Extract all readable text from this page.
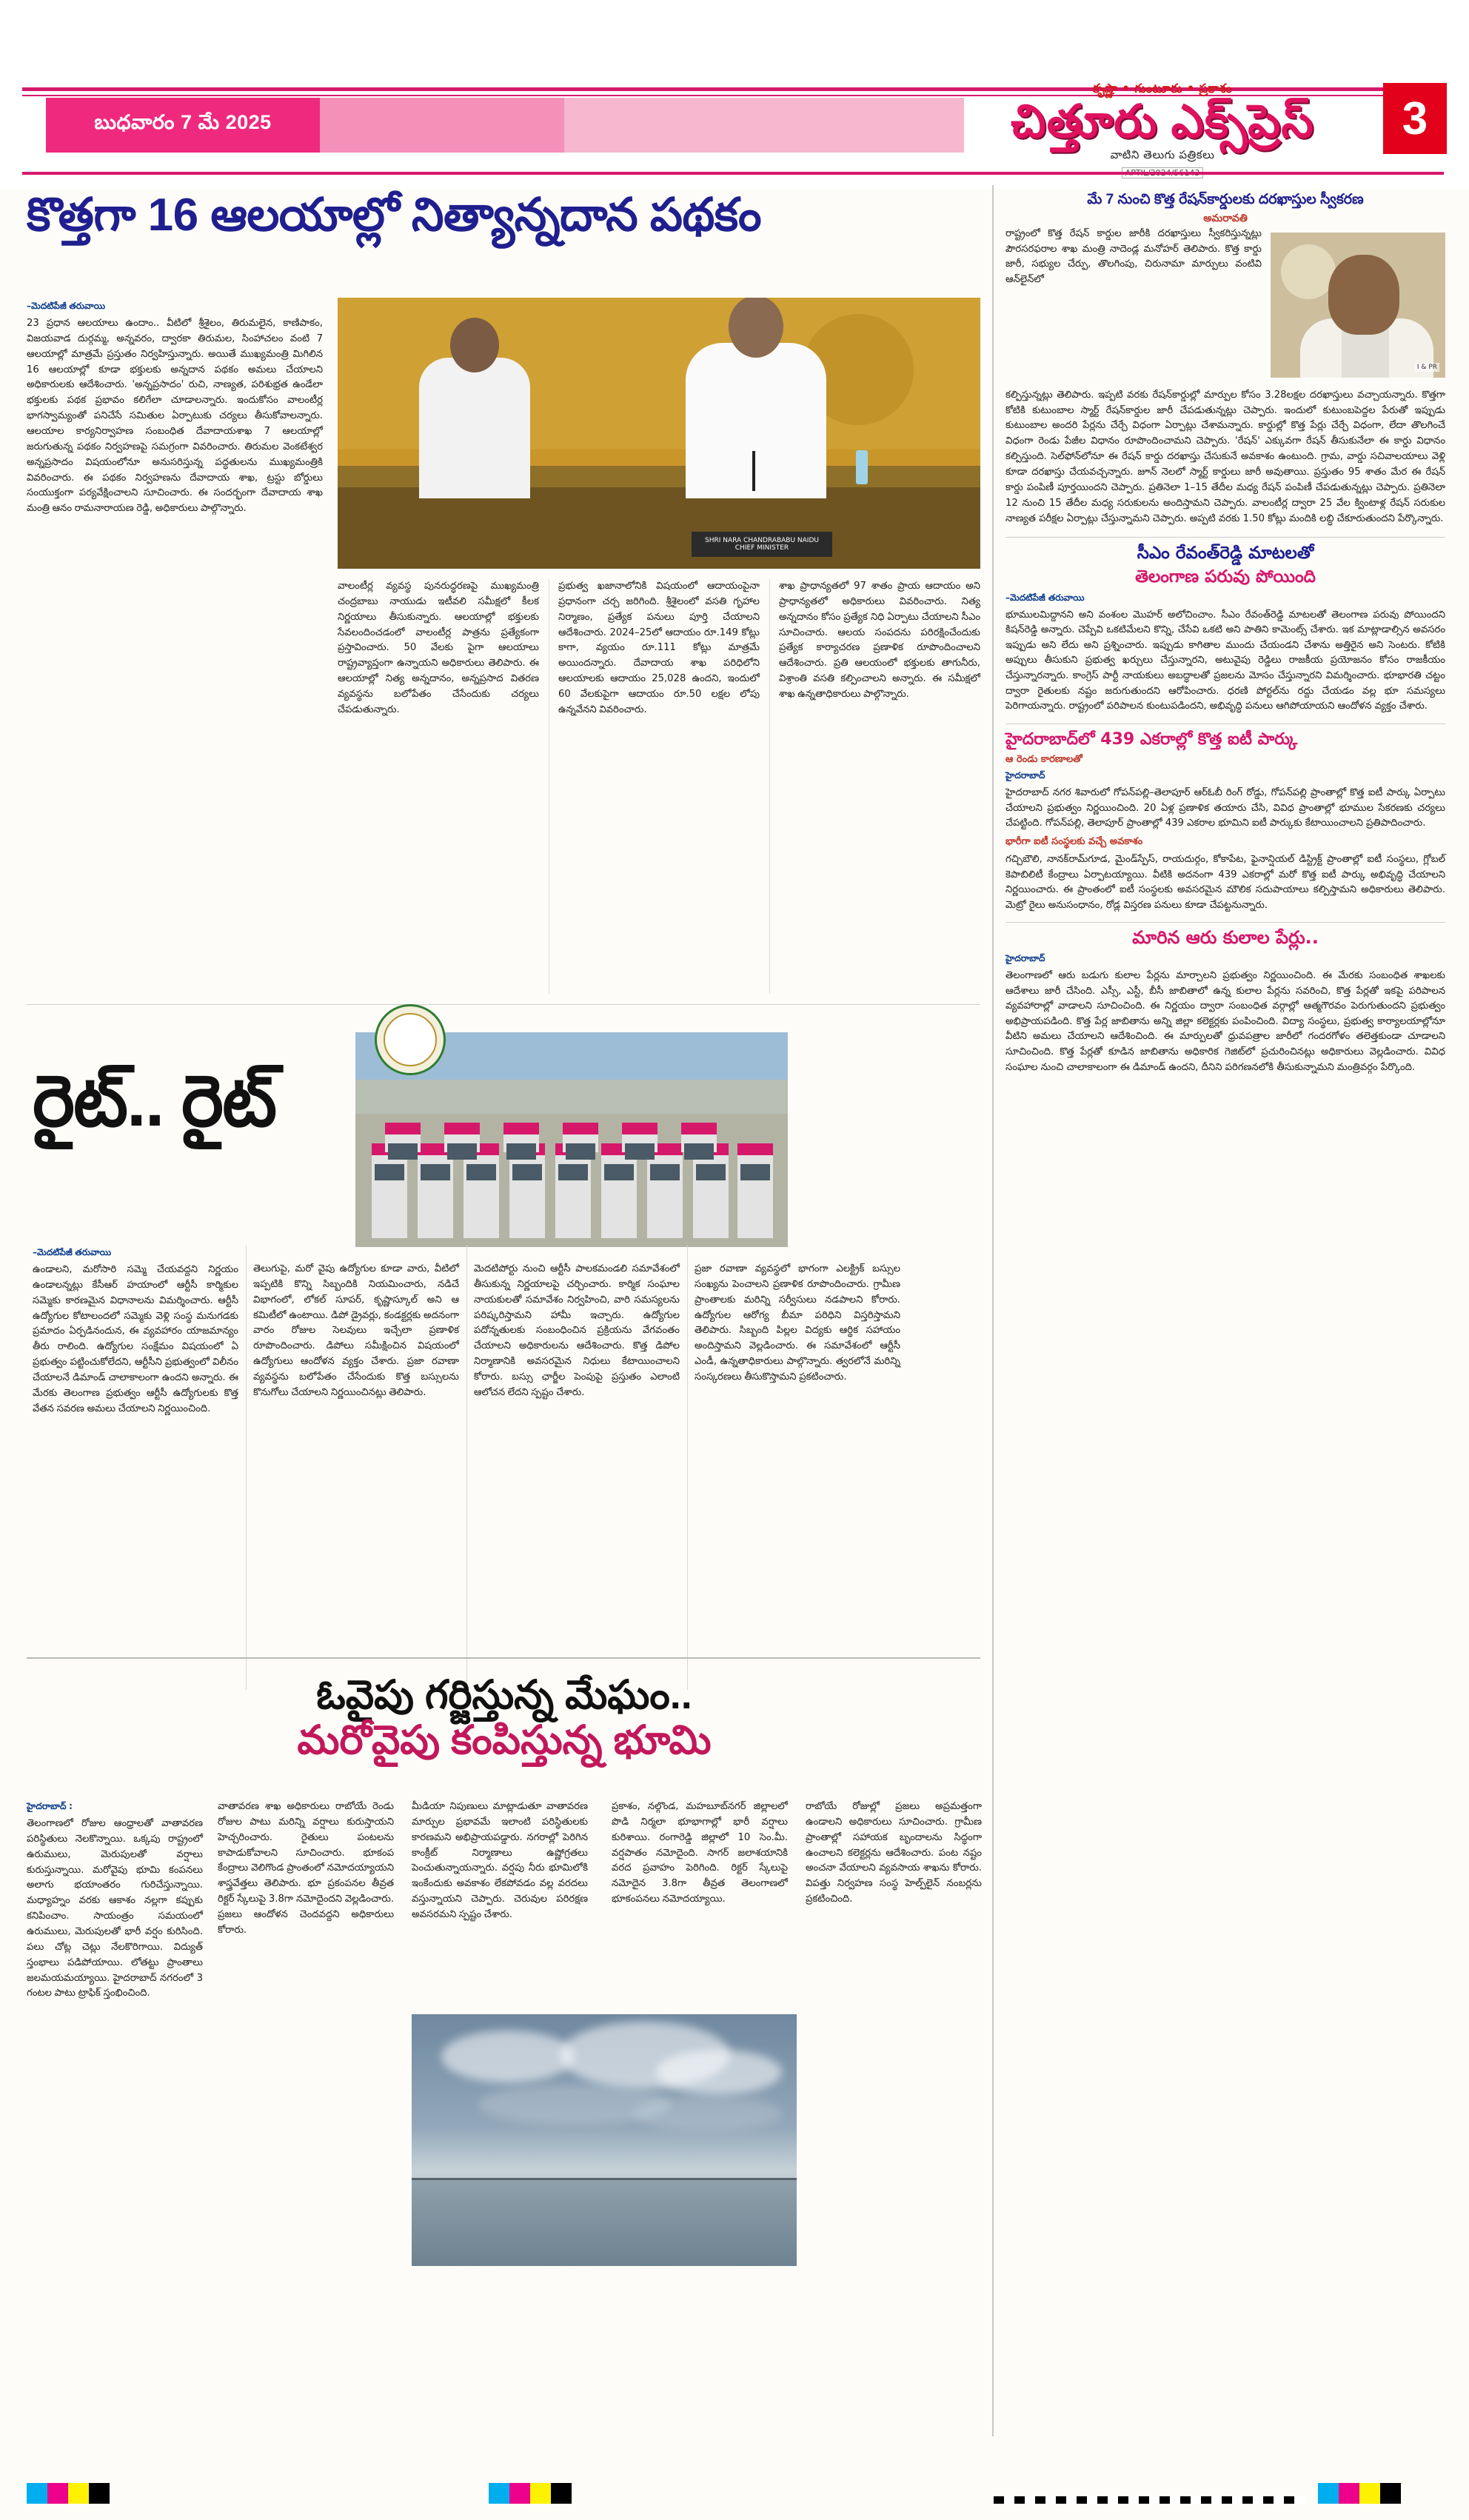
బుధవారం 7 మే 2025
కృష్ణా • గుంటూరు • ప్రకాశం
చిత్తూరు ఎక్స్‌ప్రెస్
వాటిని తెలుగు పత్రికలు
3
కొత్తగా 16 ఆలయాల్లో నిత్యాన్నదాన పథకం
–మెదటిపేజీ తరువాయి
23 ప్రధాన ఆలయాలు ఉందాం.. వీటిలో శ్రీశైలం, తిరుమలైన, కాణిపాకం, విజయవాడ దుర్గమ్మ, అన్నవరం, ద్వారకా తిరుమల, సింహాచలం వంటి 7 ఆలయాల్లో మాత్రమే ప్రస్తుతం నిర్వహిస్తున్నారు. అయితే ముఖ్యమంత్రి మిగిలిన 16 ఆలయాల్లో కూడా భక్తులకు అన్నదాన పథకం అమలు చేయాలని అధికారులకు ఆదేశించారు. 'అన్నప్రసాదం' రుచి, నాణ్యత, పరిశుభ్రత ఉండేలా భక్తులకు పథక ప్రభావం కలిగేలా చూడాలన్నారు. ఇందుకోసం వాలంటీర్ల భాగస్వామ్యంతో పనిచేసే సమితుల ఏర్పాటుకు చర్యలు తీసుకోవాలన్నారు. ఆలయాల కార్యనిర్వాహణ సంబంధిత దేవాదాయశాఖ 7 ఆలయాల్లో జరుగుతున్న పథకం నిర్వహణపై సమగ్రంగా వివరించారు. తిరుమల వెంకటేశ్వర అన్నప్రసాదం విషయంలోనూ అనుసరిస్తున్న పద్ధతులను ముఖ్యమంత్రికి వివరించారు. ఈ పథకం నిర్వహణను దేవాదాయ శాఖ, ట్రస్టు బోర్డులు సంయుక్తంగా పర్యవేక్షించాలని సూచించారు. ఈ సందర్భంగా దేవాదాయ శాఖ మంత్రి ఆనం రామనారాయణ రెడ్డి, అధికారులు పాల్గొన్నారు.
SHRI NARA CHANDRABABU NAIDU
CHIEF MINISTER
వాలంటీర్ల వ్యవస్థ పునరుద్ధరణపై ముఖ్యమంత్రి చంద్రబాబు నాయుడు ఇటీవలి సమీక్షలో కీలక నిర్ణయాలు తీసుకున్నారు. ఆలయాల్లో భక్తులకు సేవలందించడంలో వాలంటీర్ల పాత్రను ప్రత్యేకంగా ప్రస్తావించారు. 50 వేలకు పైగా ఆలయాలు రాష్ట్రవ్యాప్తంగా ఉన్నాయని అధికారులు తెలిపారు. ఈ ఆలయాల్లో నిత్య అన్నదానం, అన్నప్రసాద వితరణ వ్యవస్థను బలోపేతం చేసేందుకు చర్యలు చేపడుతున్నారు.
ప్రభుత్వ ఖజానాలోనికి విషయంలో ఆదాయంపైనా ప్రధానంగా చర్చ జరిగింది. శ్రీశైలంలో వసతి గృహాల నిర్మాణం, ప్రత్యేక పనులు పూర్తి చేయాలని ఆదేశించారు. 2024–25లో ఆదాయం రూ.149 కోట్లు కాగా, వ్యయం రూ.111 కోట్లు మాత్రమే అయిందన్నారు. దేవాదాయ శాఖ పరిధిలోని ఆలయాలకు ఆదాయం 25,028 ఉందని, ఇందులో 60 వేలకుపైగా ఆదాయం రూ.50 లక్షల లోపు ఉన్నవేనని వివరించారు.
శాఖ ప్రాధాన్యతలో 97 శాతం ప్రాయ ఆదాయం అని ప్రాధాన్యతలో అధికారులు వివరించారు. నిత్య అన్నదానం కోసం ప్రత్యేక నిధి ఏర్పాటు చేయాలని సీఎం సూచించారు. ఆలయ సంపదను పరిరక్షించేందుకు ప్రత్యేక కార్యాచరణ ప్రణాళిక రూపొందించాలని ఆదేశించారు. ప్రతి ఆలయంలో భక్తులకు తాగునీరు, విశ్రాంతి వసతి కల్పించాలని అన్నారు. ఈ సమీక్షలో శాఖ ఉన్నతాధికారులు పాల్గొన్నారు.
రైట్.. రైట్
–మెదటిపేజీ తరువాయి
ఉండాలని, మరోసారి సమ్మె చేయవద్దని నిర్ణయం ఉండాలన్నట్లు కేసీఆర్ హయాంలో ఆర్టీసీ కార్మికుల సమ్మెకు కారణమైన విధానాలను విమర్శించారు. ఆర్టీసీ ఉద్యోగుల కోటాలందలో సమ్మెకు వెళ్లి సంస్థ మనుగడకు ప్రమాదం ఏర్పడినందున, ఈ వ్యవహారం యాజమాన్యం తీరు రాలింది. ఉద్యోగుల సంక్షేమం విషయంలో ఏ ప్రభుత్వం పట్టించుకోలేదని, ఆర్టీసీని ప్రభుత్వంలో విలీనం చేయాలనే డిమాండ్ చాలాకాలంగా ఉందని అన్నారు. ఈ మేరకు తెలంగాణ ప్రభుత్వం ఆర్టీసీ ఉద్యోగులకు కొత్త వేతన సవరణ అమలు చేయాలని నిర్ణయించింది.
తెలుగుపై, మరో వైపు ఉద్యోగుల కూడా వారు, వీటిలో ఇప్పటికి కొన్ని సిబ్బందికి నియమించారు, నడిచే విభాగంలో, లోకల్ సూపర్, కృష్ణాస్కూల్ అని ఆ కమిటీలో ఉంటాయి. డిపో డ్రైవర్లు, కండక్టర్లకు అదనంగా వారం రోజుల సెలవులు ఇచ్చేలా ప్రణాళిక రూపొందించారు. డిపోలు సమీక్షించిన విషయంలో ఉద్యోగులు ఆందోళన వ్యక్తం చేశారు. ప్రజా రవాణా వ్యవస్థను బలోపేతం చేసేందుకు కొత్త బస్సులను కొనుగోలు చేయాలని నిర్ణయించినట్లు తెలిపారు.
మెదటిపోర్టు నుంచి ఆర్టీసీ పాలకమండలి సమావేశంలో తీసుకున్న నిర్ణయాలపై చర్చించారు. కార్మిక సంఘాల నాయకులతో సమావేశం నిర్వహించి, వారి సమస్యలను పరిష్కరిస్తామని హామీ ఇచ్చారు. ఉద్యోగుల పదోన్నతులకు సంబంధించిన ప్రక్రియను వేగవంతం చేయాలని అధికారులను ఆదేశించారు. కొత్త డిపోల నిర్మాణానికి అవసరమైన నిధులు కేటాయించాలని కోరారు. బస్సు ఛార్జీల పెంపుపై ప్రస్తుతం ఎలాంటి ఆలోచన లేదని స్పష్టం చేశారు.
ప్రజా రవాణా వ్యవస్థలో భాగంగా ఎలక్ట్రిక్ బస్సుల సంఖ్యను పెంచాలని ప్రణాళిక రూపొందించారు. గ్రామీణ ప్రాంతాలకు మరిన్ని సర్వీసులు నడపాలని కోరారు. ఉద్యోగుల ఆరోగ్య బీమా పరిధిని విస్తరిస్తామని తెలిపారు. సిబ్బంది పిల్లల విద్యకు ఆర్థిక సహాయం అందిస్తామని వెల్లడించారు. ఈ సమావేశంలో ఆర్టీసీ ఎండీ, ఉన్నతాధికారులు పాల్గొన్నారు. త్వరలోనే మరిన్ని సంస్కరణలు తీసుకొస్తామని ప్రకటించారు.
ఓవైపు గర్జిస్తున్న మేఘం..
మరోవైపు కంపిస్తున్న భూమి
హైదరాబాద్ :
తెలంగాణలో రోజుల ఆంధ్రాలతో వాతావరణ పరిస్థితులు నెలకొన్నాయి. ఒక్కపు రాష్ట్రంలో ఉరుములు, మెరుపులతో వర్షాలు కురుస్తున్నాయి. మరోవైపు భూమి కంపనలు అలాగు భయాంతరం గురిచేస్తున్నాయి. మధ్యాహ్నం వరకు ఆకాశం నల్లగా కప్పుకు కనిపించాం. సాయంత్రం సమయంలో ఉరుములు, మెరుపులతో భారీ వర్షం కురిసింది. పలు చోట్ల చెట్లు నేలకొరిగాయి. విద్యుత్ స్తంభాలు పడిపోయాయి. లోతట్టు ప్రాంతాలు జలమయమయ్యాయి. హైదరాబాద్ నగరంలో 3 గంటల పాటు ట్రాఫిక్ స్తంభించింది.
వాతావరణ శాఖ అధికారులు రాబోయే రెండు రోజుల పాటు మరిన్ని వర్షాలు కురుస్తాయని హెచ్చరించారు. రైతులు పంటలను కాపాడుకోవాలని సూచించారు. భూకంప కేంద్రాలు వెలిగొండ ప్రాంతంలో నమోదయ్యాయని శాస్త్రవేత్తలు తెలిపారు. భూ ప్రకంపనల తీవ్రత రిక్టర్ స్కేలుపై 3.8గా నమోదైందని వెల్లడించారు. ప్రజలు ఆందోళన చెందవద్దని అధికారులు కోరారు.
మీడియా నిపుణులు మాట్లాడుతూ వాతావరణ మార్పుల ప్రభావమే ఇలాంటి పరిస్థితులకు కారణమని అభిప్రాయపడ్డారు. నగరాల్లో పెరిగిన కాంక్రీట్ నిర్మాణాలు ఉష్ణోగ్రతలు పెంచుతున్నాయన్నారు. వర్షపు నీరు భూమిలోకి ఇంకేందుకు అవకాశం లేకపోవడం వల్ల వరదలు వస్తున్నాయని చెప్పారు. చెరువుల పరిరక్షణ అవసరమని స్పష్టం చేశారు.
ప్రకాశం, నల్గొండ, మహబూబ్‌నగర్ జిల్లాలలో పొడి నిర్మలా భూభాగాల్లో భారీ వర్షాలు కురిశాయి. రంగారెడ్డి జిల్లాలో 10 సెం.మీ. వర్షపాతం నమోదైంది. సాగర్ జలాశయానికి వరద ప్రవాహం పెరిగింది. రిక్టర్ స్కేలుపై నమోదైన 3.8గా తీవ్రత తెలంగాణలో భూకంపనలు నమోదయ్యాయి.
రాబోయే రోజుల్లో ప్రజలు అప్రమత్తంగా ఉండాలని అధికారులు సూచించారు. గ్రామీణ ప్రాంతాల్లో సహాయక బృందాలను సిద్ధంగా ఉంచాలని కలెక్టర్లను ఆదేశించారు. పంట నష్టం అంచనా వేయాలని వ్యవసాయ శాఖను కోరారు. విపత్తు నిర్వహణ సంస్థ హెల్ప్‌లైన్ నంబర్లను ప్రకటించింది.
మే 7 నుంచి కొత్త రేషన్‌కార్డులకు దరఖాస్తుల స్వీకరణ
అమరావతి
I & PR
రాష్ట్రంలో కొత్త రేషన్ కార్డుల జారీకి దరఖాస్తులు స్వీకరిస్తున్నట్లు పౌరసరఫరాల శాఖ మంత్రి నాదెండ్ల మనోహర్ తెలిపారు. కొత్త కార్డు జారీ, సభ్యుల చేర్పు, తొలగింపు, చిరునామా మార్పులు వంటివి ఆన్‌లైన్‌లో
కల్పిస్తున్నట్లు తెలిపారు. ఇప్పటి వరకు రేషన్‌కార్డుల్లో మార్పుల కోసం 3.28లక్షల దరఖాస్తులు వచ్చాయన్నారు. కొత్తగా కోటికి కుటుంబాల స్మార్ట్ రేషన్‌కార్డుల జారీ చేపడుతున్నట్లు చెప్పారు. ఇందులో కుటుంబపెద్దల పేరుతో ఇప్పుడు కుటుంబాల అందరి పేర్లను చేర్చే విధంగా ఏర్పాట్లు చేశామన్నారు. కార్డుల్లో కొత్త పేర్లు చేర్చే విధంగా, లేదా తొలగించే విధంగా రెండు పేజీల విధానం రూపొందించామని చెప్పారు. 'రేషన్' ఎక్కువగా రేషన్ తీసుకునేలా ఈ కార్డు విధానం కల్పిస్తుంది. సెల్‌ఫోన్‌లోనూ ఈ రేషన్ కార్డు దరఖాస్తు చేసుకునే అవకాశం ఉంటుంది. గ్రామ, వార్డు సచివాలయాలు వెళ్లి కూడా దరఖాస్తు చేయవచ్చన్నారు. జూన్ నెలలో స్మార్ట్ కార్డులు జారీ అవుతాయి. ప్రస్తుతం 95 శాతం మేర ఈ రేషన్ కార్డు పంపిణీ పూర్తయిందని చెప్పారు. ప్రతినెలా 1–15 తేదీల మధ్య రేషన్ పంపిణీ చేపడుతున్నట్లు చెప్పారు. ప్రతినెలా 12 నుంచి 15 తేదీల మధ్య సరుకులను అందిస్తామని చెప్పారు. వాలంటీర్ల ద్వారా 25 వేల క్వింటాళ్ల రేషన్ సరుకుల నాణ్యత పరీక్షల ఏర్పాట్లు చేస్తున్నామని చెప్పారు. అప్పటి వరకు 1.50 కోట్లు మందికి లబ్ధి చేకూరుతుందని పేర్కొన్నారు.
సీఎం రేవంత్‌రెడ్డి మాటలతో
తెలంగాణ పరువు పోయింది
–మెదటిపేజీ తరువాయి
భూములమిద్దానని అని వంశంల మొహర్ అలోచించాం. సీఎం రేవంత్‌రెడ్డి మాటలతో తెలంగాణ పరువు పోయిందని కిషన్‌రెడ్డి అన్నారు. చెప్పేవి ఒకటిమేలని కొన్ని, చేసేవి ఒకటి అని పాతిని కామెంట్స్ చేశారు. ఇక మాట్లాడాల్సిన అవసరం ఇప్పుడు అని లేదు అని ప్రశ్నించారు. ఇప్పుడు కాగితాల ముందు చేయండని చేశాను అత్తిరైన అని సెంటరు. కోటికి అప్పులు తీసుకుని ప్రభుత్వ ఖర్చులు చేస్తున్నారని, అటువైపు రెడ్డిలు రాజకీయ ప్రయోజనం కోసం రాజకీయం చేస్తున్నారన్నారు. కాంగ్రెస్ పార్టీ నాయకులు అబద్ధాలతో ప్రజలను మోసం చేస్తున్నారని విమర్శించారు. భూభారతి చట్టం ద్వారా రైతులకు నష్టం జరుగుతుందని ఆరోపించారు. ధరణి పోర్టల్‌ను రద్దు చేయడం వల్ల భూ సమస్యలు పెరిగాయన్నారు. రాష్ట్రంలో పరిపాలన కుంటుపడిందని, అభివృద్ధి పనులు ఆగిపోయాయని ఆందోళన వ్యక్తం చేశారు.
హైదరాబాద్‌లో 439 ఎకరాల్లో కొత్త ఐటీ పార్కు
ఆ రెండు కారణాలతో
హైదరాబాద్
హైదరాబాద్ నగర శివారులో గోపన్‌పల్లి–తెలాపూర్ ఆర్ఓబీ రింగ్ రోడ్డు, గోపన్‌పల్లి ప్రాంతాల్లో కొత్త ఐటీ పార్కు ఏర్పాటు చేయాలని ప్రభుత్వం నిర్ణయించింది. 20 ఏళ్ల ప్రణాళిక తయారు చేసి, వివిధ ప్రాంతాల్లో భూముల సేకరణకు చర్యలు చేపట్టింది. గోపన్‌పల్లి, తెలాపూర్ ప్రాంతాల్లో 439 ఎకరాల భూమిని ఐటీ పార్కుకు కేటాయించాలని ప్రతిపాదించారు.
భారీగా ఐటీ సంస్థలకు వచ్చే అవకాశం
గచ్చిబౌలి, నానక్‌రామ్‌గూడ, మైండ్‌స్పేస్, రాయదుర్గం, కోకాపేట, ఫైనాన్షియల్ డిస్ట్రిక్ట్ ప్రాంతాల్లో ఐటీ సంస్థలు, గ్లోబల్ కెపాబిలిటీ కేంద్రాలు ఏర్పాటయ్యాయి. వీటికి అదనంగా 439 ఎకరాల్లో మరో కొత్త ఐటీ పార్కు అభివృద్ధి చేయాలని నిర్ణయించారు. ఈ ప్రాంతంలో ఐటీ సంస్థలకు అవసరమైన మౌలిక సదుపాయాలు కల్పిస్తామని అధికారులు తెలిపారు. మెట్రో రైలు అనుసంధానం, రోడ్ల విస్తరణ పనులు కూడా చేపట్టనున్నారు.
మారిన ఆరు కులాల పేర్లు..
హైదరాబాద్
తెలంగాణలో ఆరు బడుగు కులాల పేర్లను మార్చాలని ప్రభుత్వం నిర్ణయించింది. ఈ మేరకు సంబంధిత శాఖలకు ఆదేశాలు జారీ చేసింది. ఎస్సీ, ఎస్టీ, బీసీ జాబితాలో ఉన్న కులాల పేర్లను సవరించి, కొత్త పేర్లతో ఇకపై పరిపాలన వ్యవహారాల్లో వాడాలని సూచించింది. ఈ నిర్ణయం ద్వారా సంబంధిత వర్గాల్లో ఆత్మగౌరవం పెరుగుతుందని ప్రభుత్వం అభిప్రాయపడింది. కొత్త పేర్ల జాబితాను అన్ని జిల్లా కలెక్టర్లకు పంపించింది. విద్యా సంస్థలు, ప్రభుత్వ కార్యాలయాల్లోనూ వీటిని అమలు చేయాలని ఆదేశించింది. ఈ మార్పులతో ధ్రువపత్రాల జారీలో గందరగోళం తలెత్తకుండా చూడాలని సూచించింది. కొత్త పేర్లతో కూడిన జాబితాను అధికారిక గెజిట్‌లో ప్రచురించినట్లు అధికారులు వెల్లడించారు. వివిధ సంఘాల నుంచి చాలాకాలంగా ఈ డిమాండ్ ఉందని, దీనిని పరిగణనలోకి తీసుకున్నామని మంత్రివర్గం పేర్కొంది.
